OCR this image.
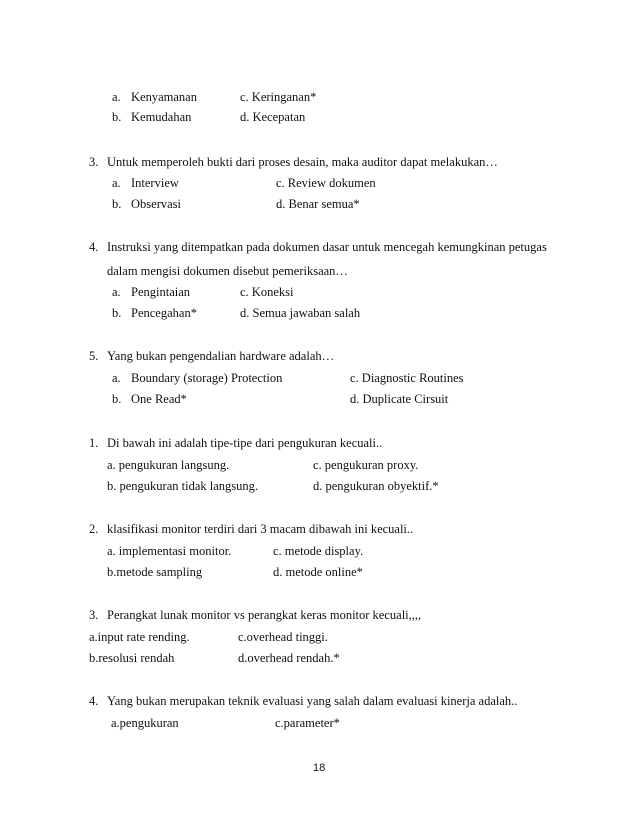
a. Kenyamanan	c. Keringanan*
b. Kemudahan	d. Kecepatan
3. Untuk memperoleh bukti dari proses desain, maka auditor dapat melakukan…
a. Interview	c. Review dokumen
b. Observasi	d. Benar semua*
4. Instruksi yang ditempatkan pada dokumen dasar untuk mencegah kemungkinan petugas
dalam mengisi dokumen disebut pemeriksaan…
a. Pengintaian	c. Koneksi
b. Pencegahan*	d. Semua jawaban salah
5. Yang bukan pengendalian hardware adalah…
a. Boundary (storage) Protection	c. Diagnostic Routines
b. One Read*	d. Duplicate Cirsuit
1. Di bawah ini adalah tipe-tipe dari pengukuran kecuali..
a. pengukuran langsung.	c. pengukuran proxy.
b. pengukuran tidak langsung.	d. pengukuran obyektif.*
2. klasifikasi monitor terdiri dari 3 macam dibawah ini kecuali..
a. implementasi monitor.	c. metode display.
b.metode sampling	d. metode online*
3. Perangkat lunak monitor vs perangkat keras monitor kecuali,,,,
a.input rate rending.	c.overhead tinggi.
b.resolusi rendah	d.overhead rendah.*
4. Yang bukan merupakan teknik evaluasi yang salah dalam evaluasi kinerja adalah..
a.pengukuran	c.parameter*
18
